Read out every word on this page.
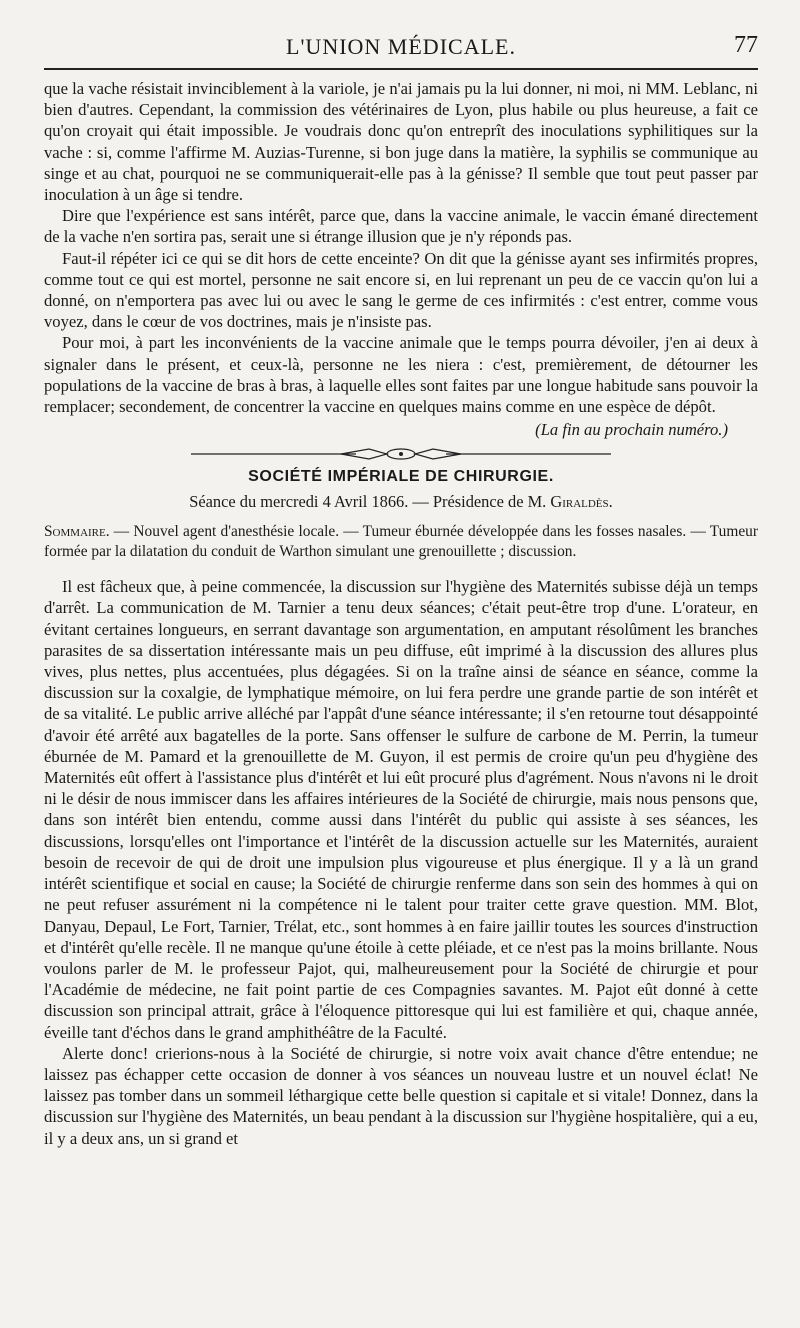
L'UNION MÉDICALE.	77

que la vache résistait invinciblement à la variole, je n'ai jamais pu la lui donner, ni moi, ni MM. Leblanc, ni bien d'autres. Cependant, la commission des vétérinaires de Lyon, plus habile ou plus heureuse, a fait ce qu'on croyait qui était impossible. Je voudrais donc qu'on entreprît des inoculations syphilitiques sur la vache : si, comme l'affirme M. Auzias-Turenne, si bon juge dans la matière, la syphilis se communique au singe et au chat, pourquoi ne se communiquerait-elle pas à la génisse? Il semble que tout peut passer par inoculation à un âge si tendre.

Dire que l'expérience est sans intérêt, parce que, dans la vaccine animale, le vaccin émané directement de la vache n'en sortira pas, serait une si étrange illusion que je n'y réponds pas.

Faut-il répéter ici ce qui se dit hors de cette enceinte? On dit que la génisse ayant ses infirmités propres, comme tout ce qui est mortel, personne ne sait encore si, en lui reprenant un peu de ce vaccin qu'on lui a donné, on n'emportera pas avec lui ou avec le sang le germe de ces infirmités : c'est entrer, comme vous voyez, dans le cœur de vos doctrines, mais je n'insiste pas.

Pour moi, à part les inconvénients de la vaccine animale que le temps pourra dévoiler, j'en ai deux à signaler dans le présent, et ceux-là, personne ne les niera : c'est, premièrement, de détourner les populations de la vaccine de bras à bras, à laquelle elles sont faites par une longue habitude sans pouvoir la remplacer; secondement, de concentrer la vaccine en quelques mains comme en une espèce de dépôt.

(La fin au prochain numéro.)
SOCIÉTÉ IMPÉRIALE DE CHIRURGIE.
Séance du mercredi 4 Avril 1866. — Présidence de M. Giraldès.
Sommaire. — Nouvel agent d'anesthésie locale. — Tumeur éburnée développée dans les fosses nasales. — Tumeur formée par la dilatation du conduit de Warthon simulant une grenouillette ; discussion.

Il est fâcheux que, à peine commencée, la discussion sur l'hygiène des Maternités subisse déjà un temps d'arrêt. La communication de M. Tarnier a tenu deux séances; c'était peut-être trop d'une. L'orateur, en évitant certaines longueurs, en serrant davantage son argumentation, en amputant résolûment les branches parasites de sa dissertation intéressante mais un peu diffuse, eût imprimé à la discussion des allures plus vives, plus nettes, plus accentuées, plus dégagées. Si on la traîne ainsi de séance en séance, comme la discussion sur la coxalgie, de lymphatique mémoire, on lui fera perdre une grande partie de son intérêt et de sa vitalité. Le public arrive alléché par l'appât d'une séance intéressante; il s'en retourne tout désappointé d'avoir été arrêté aux bagatelles de la porte. Sans offenser le sulfure de carbone de M. Perrin, la tumeur éburnée de M. Pamard et la grenouillette de M. Guyon, il est permis de croire qu'un peu d'hygiène des Maternités eût offert à l'assistance plus d'intérêt et lui eût procuré plus d'agrément. Nous n'avons ni le droit ni le désir de nous immiscer dans les affaires intérieures de la Société de chirurgie, mais nous pensons que, dans son intérêt bien entendu, comme aussi dans l'intérêt du public qui assiste à ses séances, les discussions, lorsqu'elles ont l'importance et l'intérêt de la discussion actuelle sur les Maternités, auraient besoin de recevoir de qui de droit une impulsion plus vigoureuse et plus énergique. Il y a là un grand intérêt scientifique et social en cause; la Société de chirurgie renferme dans son sein des hommes à qui on ne peut refuser assurément ni la compétence ni le talent pour traiter cette grave question. MM. Blot, Danyau, Depaul, Le Fort, Tarnier, Trélat, etc., sont hommes à en faire jaillir toutes les sources d'instruction et d'intérêt qu'elle recèle. Il ne manque qu'une étoile à cette pléiade, et ce n'est pas la moins brillante. Nous voulons parler de M. le professeur Pajot, qui, malheureusement pour la Société de chirurgie et pour l'Académie de médecine, ne fait point partie de ces Compagnies savantes. M. Pajot eût donné à cette discussion son principal attrait, grâce à l'éloquence pittoresque qui lui est familière et qui, chaque année, éveille tant d'échos dans le grand amphithéâtre de la Faculté.

Alerte donc! crierions-nous à la Société de chirurgie, si notre voix avait chance d'être entendue; ne laissez pas échapper cette occasion de donner à vos séances un nouveau lustre et un nouvel éclat! Ne laissez pas tomber dans un sommeil léthargique cette belle question si capitale et si vitale! Donnez, dans la discussion sur l'hygiène des Maternités, un beau pendant à la discussion sur l'hygiène hospitalière, qui a eu, il y a deux ans, un si grand et
